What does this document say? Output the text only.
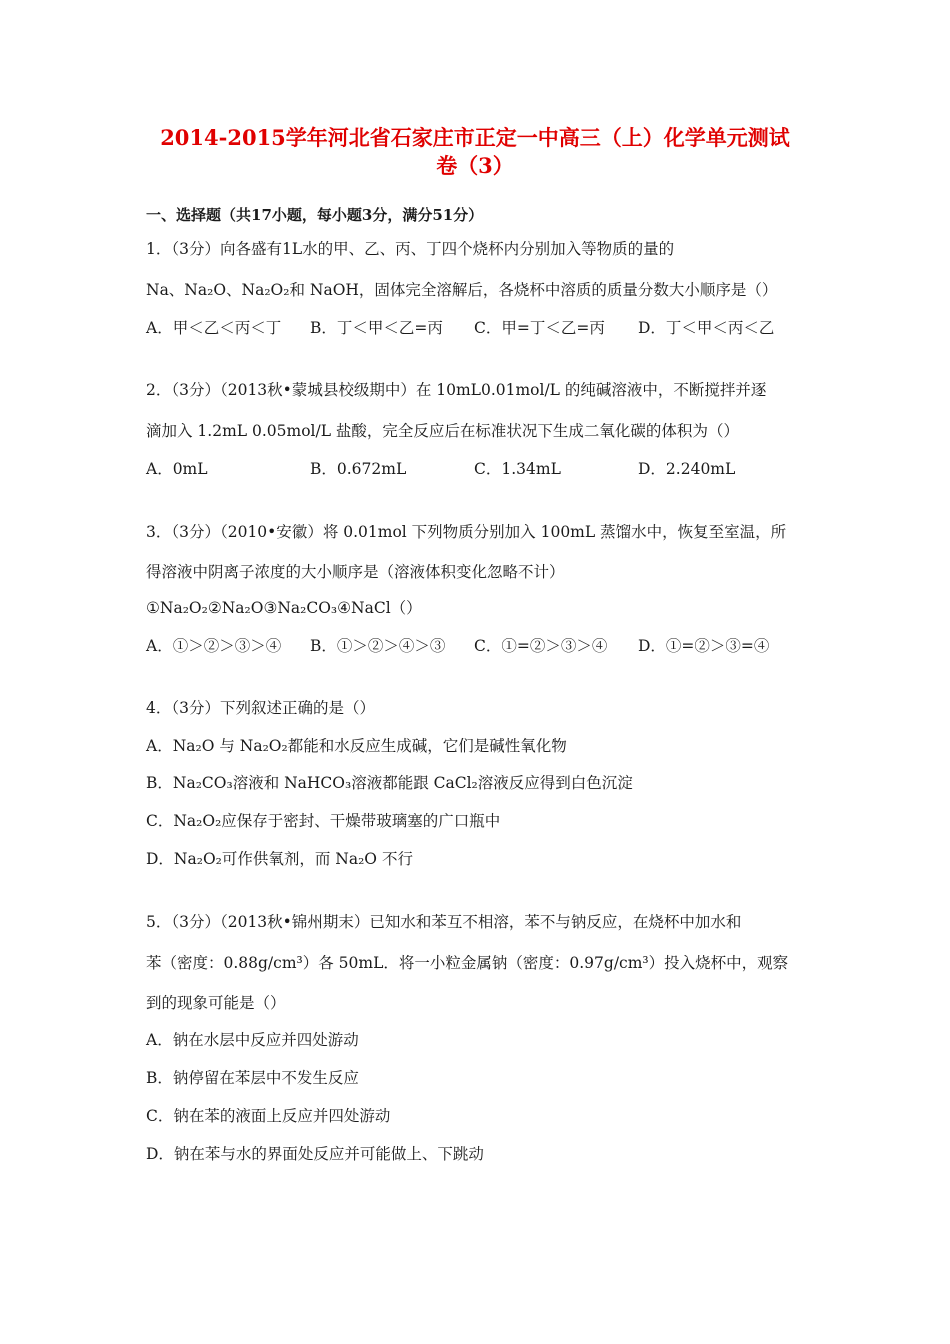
2014-2015学年河北省石家庄市正定一中高三（上）化学单元测试
卷（3）
一、选择题（共17小题，每小题3分，满分51分）
1．（3分）向各盛有1L水的甲、乙、丙、丁四个烧杯内分别加入等物质的量的
Na、Na₂O、Na₂O₂和 NaOH，固体完全溶解后，各烧杯中溶质的质量分数大小顺序是（）
A．甲＜乙＜丙＜丁 B．丁＜甲＜乙=丙 C．甲=丁＜乙=丙 D．丁＜甲＜丙＜乙
2．（3分）（2013秋•蒙城县校级期中）在 10mL0.01mol/L 的纯碱溶液中，不断搅拌并逐
滴加入 1.2mL 0.05mol/L 盐酸，完全反应后在标准状况下生成二氧化碳的体积为（）
A．0mL	B．0.672mL	C．1.34mL	D．2.240mL
3．（3分）（2010•安徽）将 0.01mol 下列物质分别加入 100mL 蒸馏水中，恢复至室温，所
得溶液中阴离子浓度的大小顺序是（溶液体积变化忽略不计）
①Na₂O₂②Na₂O③Na₂CO₃④NaCl（）
A．①＞②＞③＞④ B．①＞②＞④＞③ C．①=②＞③＞④ D．①=②＞③=④
4．（3分）下列叙述正确的是（）
A．Na₂O 与 Na₂O₂都能和水反应生成碱，它们是碱性氧化物
B．Na₂CO₃溶液和 NaHCO₃溶液都能跟 CaCl₂溶液反应得到白色沉淀
C．Na₂O₂应保存于密封、干燥带玻璃塞的广口瓶中
D．Na₂O₂可作供氧剂，而 Na₂O 不行
5．（3分）（2013秋•锦州期末）已知水和苯互不相溶，苯不与钠反应，在烧杯中加水和
苯（密度：0.88g/cm³）各 50mL．将一小粒金属钠（密度：0.97g/cm³）投入烧杯中，观察
到的现象可能是（）
A．钠在水层中反应并四处游动
B．钠停留在苯层中不发生反应
C．钠在苯的液面上反应并四处游动
D．钠在苯与水的界面处反应并可能做上、下跳动
